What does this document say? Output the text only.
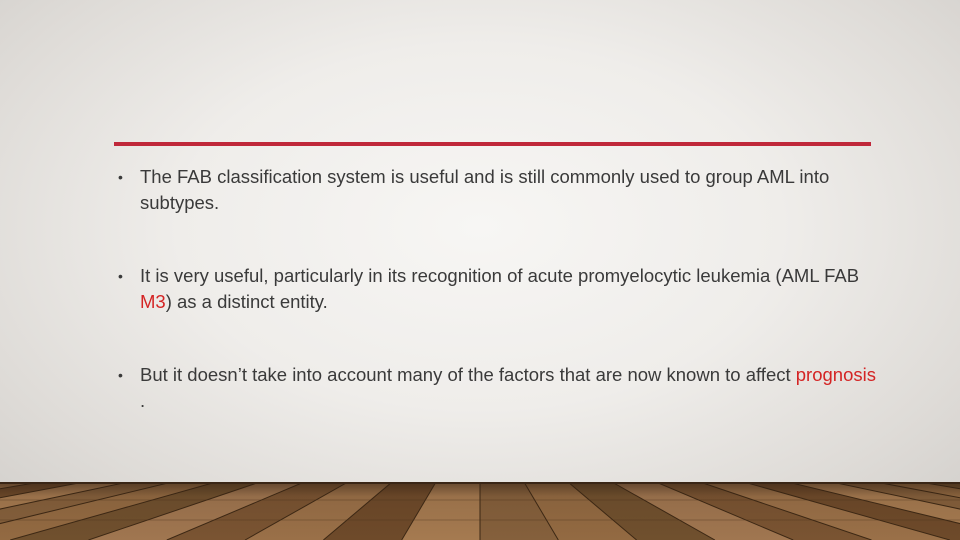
• The FAB classification system is useful and is still commonly used to group AML into subtypes.
• It is very useful, particularly in its recognition of acute promyelocytic leukemia (AML FAB M3) as a distinct entity.
• But it doesn’t take into account many of the factors that are now known to affect prognosis .
